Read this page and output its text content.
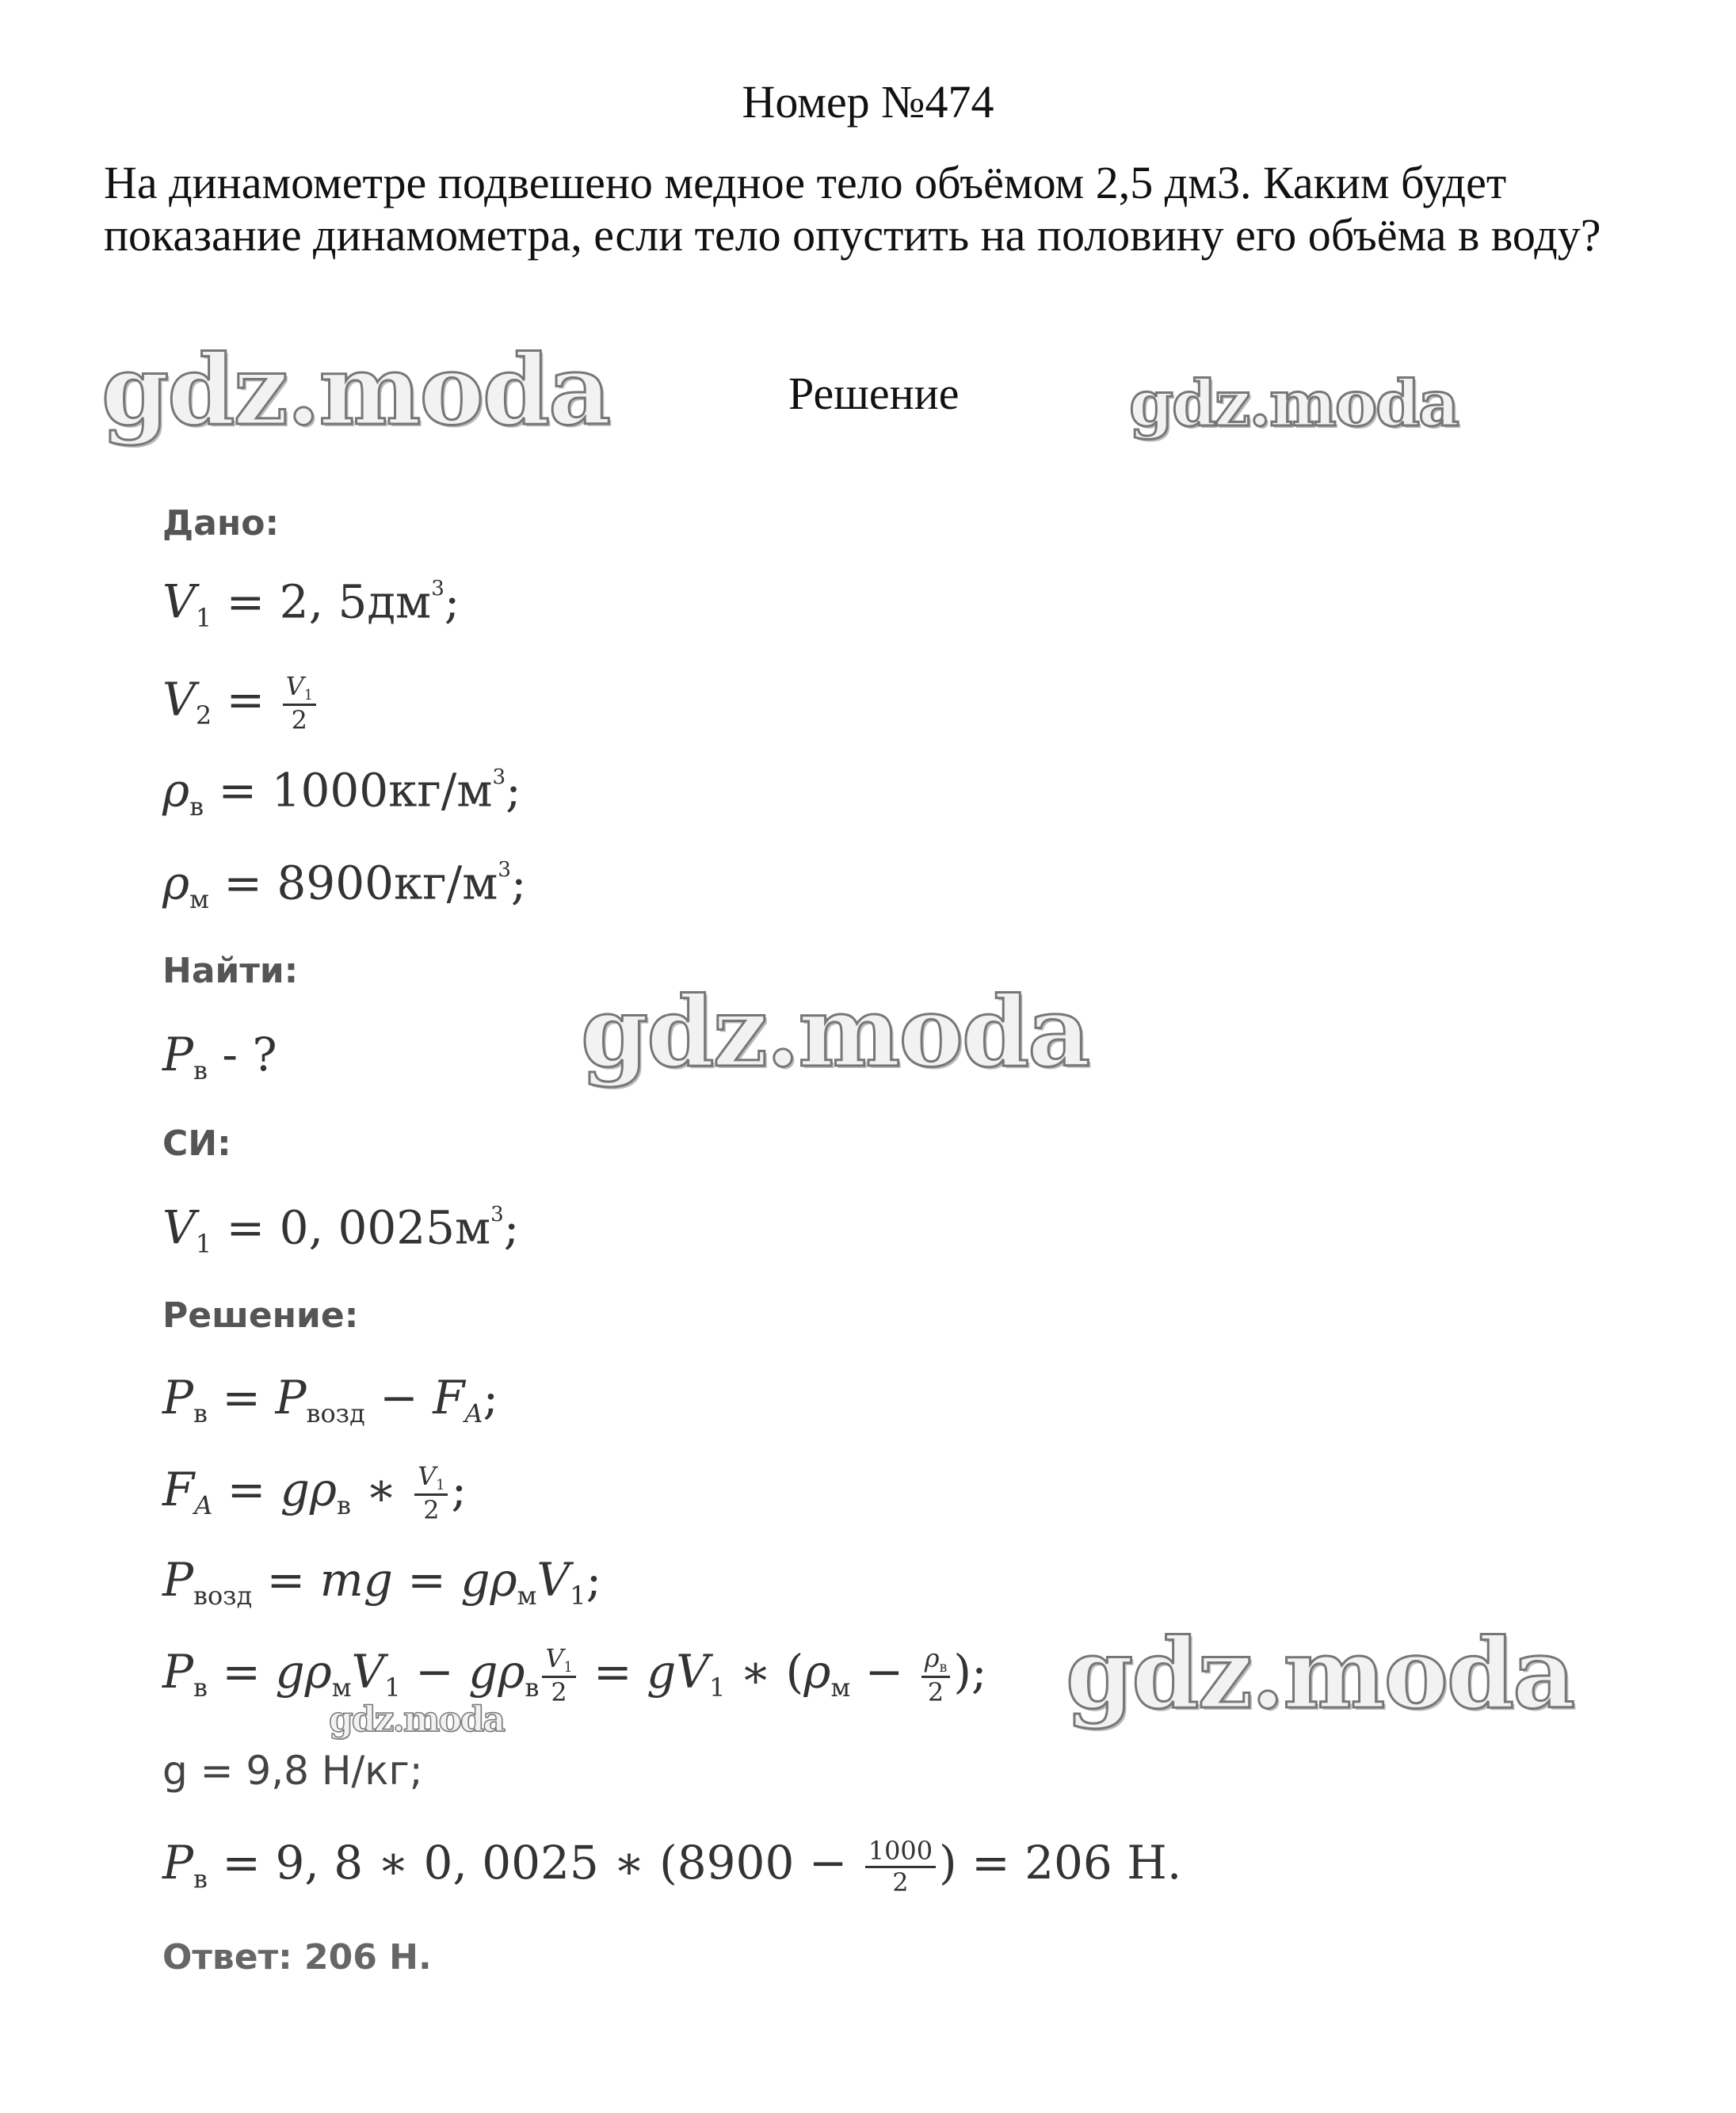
Номер №474

На динамометре подвешено медное тело объёмом 2,5 дм3. Каким будет показание динамометра, если тело опустить на половину его объёма в воду?

Решение
gdz.moda	gdz.moda
gdz.moda
gdz.moda
gdz.moda
Дано:
$V_1 = 2$, $5дм^3$;
$V_2 = \frac{V_1}{2}$
$\rho_в = 1000кг/м^3$;
$\rho_м = 8900кг/м^3$;
Найти:
$P_в$ - ?
СИ:
$V_1 = 0$, $0025м^3$;
Решение:
$P_в = P_{возд} - F_A$;
$F_A = g\rho_в$ ∗ $\frac{V_1}{2}$ ;
$P_{возд}$ = mg = $g\rho_мV_1$;
$P_в = g\rho_мV_1 - g\rho_в \frac{V_1}{2} = gV_1$ ∗ ($\rho_м - \frac{\rho_в}{2}$ );
g = 9,8 Н/кг;
$P_в = 9$, 8 ∗ 0, 0025 ∗ ($8900 - \frac{1000}{2}$ ) = 206 Н.
Ответ: 206 Н.
